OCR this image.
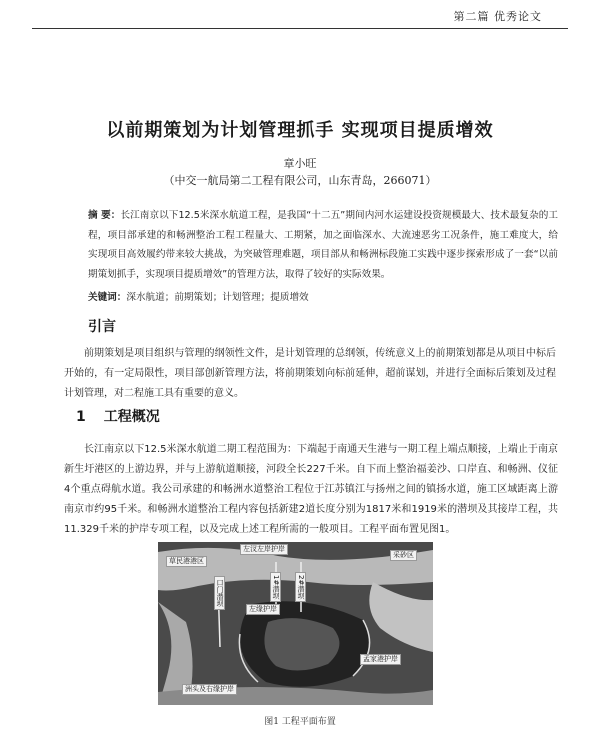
第二篇 优秀论文
以前期策划为计划管理抓手 实现项目提质增效
章小旺
（中交一航局第二工程有限公司，山东青岛，266071）
摘 要：长江南京以下12.5米深水航道工程，是我国“十二五”期间内河水运建设投资规模最大、技术最复杂的工程，项目部承建的和畅洲整治工程工程量大、工期紧，加之面临深水、大流速恶劣工况条件，施工难度大，给实现项目高效履约带来较大挑战，为突破管理难题，项目部从和畅洲标段施工实践中逐步探索形成了一套“以前期策划抓手，实现项目提质增效”的管理方法，取得了较好的实际效果。
关键词：深水航道；前期策划；计划管理；提质增效
引言
前期策划是项目组织与管理的纲领性文件，是计划管理的总纲领，传统意义上的前期策划都是从项目中标后开始的，有一定局限性，项目部创新管理方法，将前期策划向标前延伸，超前谋划，并进行全面标后策划及过程计划管理，对二程施工具有重要的意义。
1 工程概况
长江南京以下12.5米深水航道二期工程范围为：下端起于南通天生港与一期工程上端点顺接，上端止于南京新生圩港区的上游边界，并与上游航道顺接，河段全长227千米。自下而上整治福姜沙、口岸直、和畅洲、仪征4个重点碍航水道。我公司承建的和畅洲水道整治工程位于江苏镇江与扬州之间的镇扬水道，施工区域距离上游南京市约95千米。和畅洲水道整治工程内容包括新建2道长度分别为1817米和1919米的潜坝及其接岸工程，共11.329千米的护岸专项工程，以及完成上述工程所需的一般项目。工程平面布置见图1。
左汊左岸护岸
草民港港区
口门潜坝	1#潜坝 2#潜坝
左缘护岸
采砂区
孟家港护岸
洲头及右缘护岸
图1 工程平面布置
